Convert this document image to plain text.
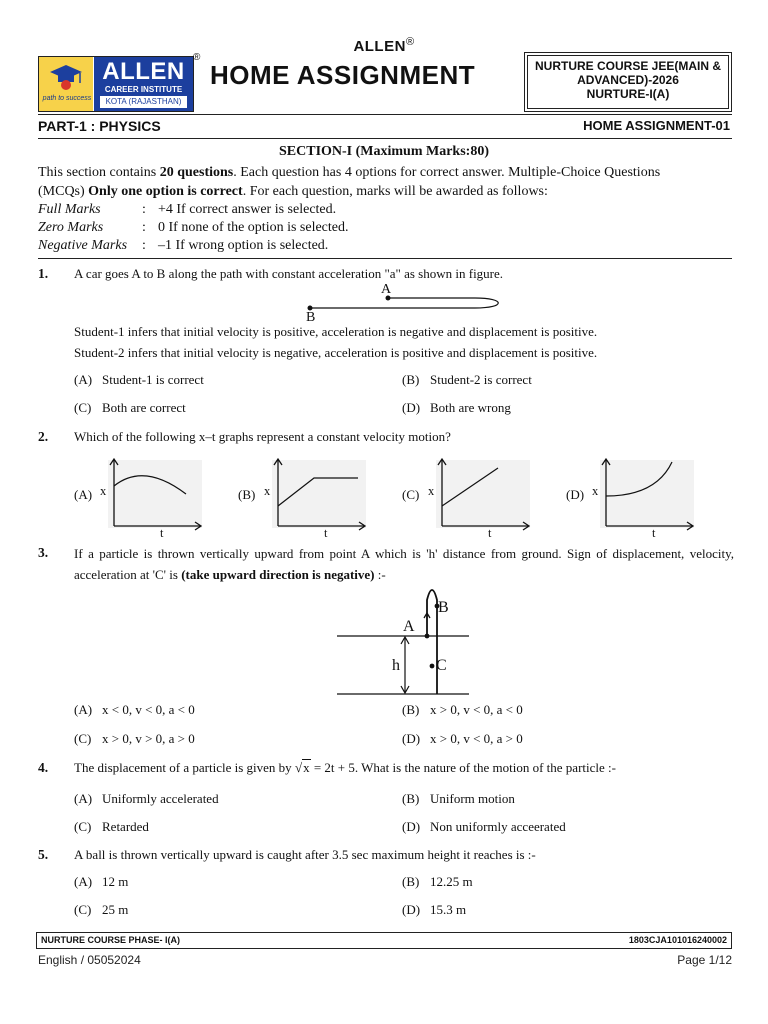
ALLEN®
path to success
ALLEN
CAREER INSTITUTE
KOTA (RAJASTHAN)
®
HOME ASSIGNMENT	NURTURE COURSE JEE(MAIN &
ADVANCED)-2026
NURTURE-I(A)
PART-1 : PHYSICS	HOME ASSIGNMENT-01
SECTION-I (Maximum Marks:80)
This section contains 20 questions. Each question has 4 options for correct answer. Multiple-Choice Questions
(MCQs) Only one option is correct. For each question, marks will be awarded as follows:
Full Marks	: +4 If correct answer is selected.
Zero Marks	: 0 If none of the option is selected.
Negative Marks : –1 If wrong option is selected.
1. A car goes A to B along the path with constant acceleration "a" as shown in figure.
A
B
Student-1 infers that initial velocity is positive, acceleration is negative and displacement is positive.
Student-2 infers that initial velocity is negative, acceleration is positive and displacement is positive.
(A) Student-1 is correct	(B) Student-2 is correct
(C) Both are correct	(D) Both are wrong
2. Which of the following x–t graphs represent a constant velocity motion?
(A) x
t
(B) x
t
(C) x
t
(D) x
t
3. If a particle is thrown vertically upward from point A which is 'h' distance from ground. Sign of displacement, velocity, acceleration at 'C' is (take upward direction is negative) :-
A
B
C
h
(A) x < 0, v < 0, a < 0	(B) x > 0, v < 0, a < 0
(C) x > 0, v > 0, a > 0	(D) x > 0, v < 0, a > 0
4. The displacement of a particle is given by √x = 2t + 5. What is the nature of the motion of the particle :-
(A) Uniformly accelerated	(B) Uniform motion
(C) Retarded	(D) Non uniformly acceerated
5. A ball is thrown vertically upward is caught after 3.5 sec maximum height it reaches is :-
(A) 12 m	(B) 12.25 m
(C) 25 m	(D) 15.3 m
NURTURE COURSE PHASE- I(A)	1803CJA101016240002
English / 05052024	Page 1/12
